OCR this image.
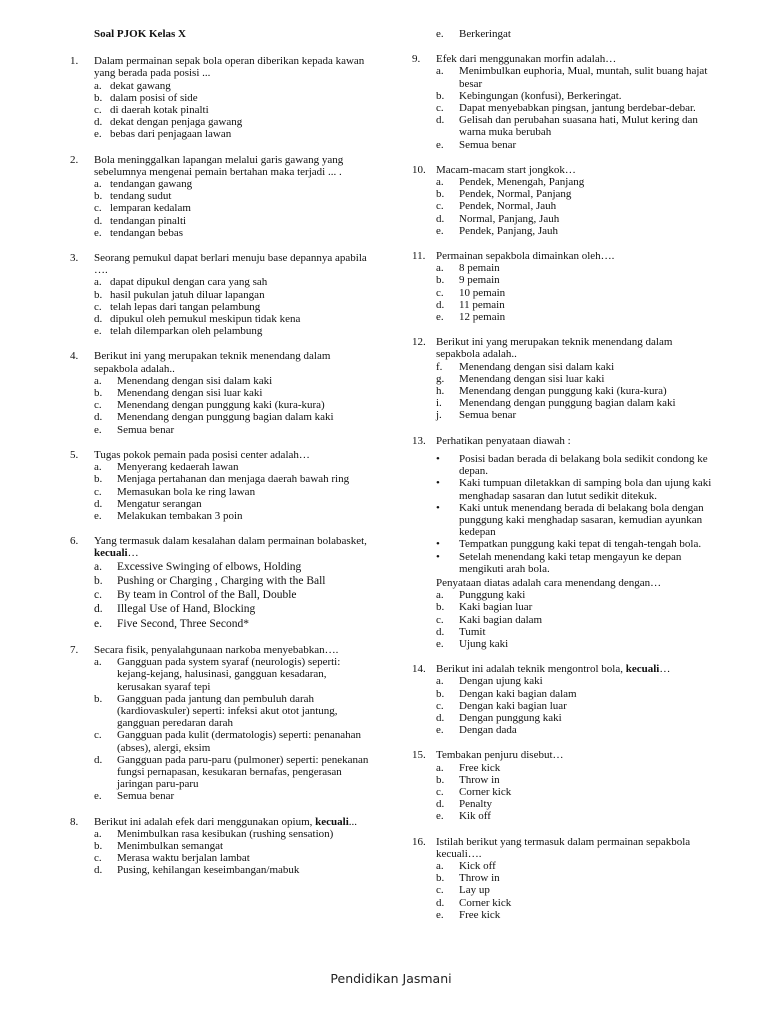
Soal PJOK Kelas X
1.	Dalam permainan sepak bola operan diberikan kepada kawan yang berada pada posisi ...
a. dekat gawang
b. dalam posisi of side
c. di daerah kotak pinalti
d. dekat dengan penjaga gawang
e. bebas dari penjagaan lawan
2.	Bola meninggalkan lapangan melalui garis gawang yang sebelumnya mengenai pemain bertahan maka terjadi ... .
a. tendangan gawang
b. tendang sudut
c. lemparan kedalam
d. tendangan pinalti
e. tendangan bebas
3.	Seorang pemukul dapat berlari menuju base depannya apabila ….
a. dapat dipukul dengan cara yang sah
b. hasil pukulan jatuh diluar lapangan
c. telah lepas dari tangan pelambung
d. dipukul oleh pemukul meskipun tidak kena
e. telah dilemparkan oleh pelambung
4.	Berikut ini yang merupakan teknik menendang dalam sepakbola adalah..
a.	Menendang dengan sisi dalam kaki
b.	Menendang dengan sisi luar kaki
c.	Menendang dengan punggung kaki (kura-kura)
d.	Menendang dengan punggung bagian dalam kaki
e.	Semua benar
5.	Tugas pokok pemain pada posisi center adalah…
a.	Menyerang kedaerah lawan
b.	Menjaga pertahanan dan menjaga daerah bawah ring
c.	Memasukan bola ke ring lawan
d.	Mengatur serangan
e.	Melakukan tembakan 3 poin
6.	Yang termasuk dalam kesalahan dalam permainan bolabasket, kecuali…
a.	Excessive Swinging of elbows, Holding
b.	Pushing or Charging , Charging with the Ball
c.	By team in Control of the Ball, Double
d.	Illegal Use of Hand, Blocking
e.	Five Second, Three Second*
7.	Secara fisik, penyalahgunaan narkoba menyebabkan….
a.	Gangguan pada system syaraf (neurologis) seperti: kejang-kejang, halusinasi, gangguan kesadaran, kerusakan syaraf tepi
b.	Gangguan pada jantung dan pembuluh darah (kardiovaskuler) seperti: infeksi akut otot jantung, gangguan peredaran darah
c.	Gangguan pada kulit (dermatologis) seperti: penanahan (abses), alergi, eksim
d.	Gangguan pada paru-paru (pulmoner) seperti: penekanan fungsi pernapasan, kesukaran bernafas, pengerasan jaringan paru-paru
e.	Semua benar
8.	Berikut ini adalah efek dari menggunakan opium, kecuali...
a.	Menimbulkan rasa kesibukan (rushing sensation)
b.	Menimbulkan semangat
c.	Merasa waktu berjalan lambat
d.	Pusing, kehilangan keseimbangan/mabuk
e.	Berkeringat
9.	Efek dari menggunakan morfin adalah…
a.	Menimbulkan euphoria, Mual, muntah, sulit buang hajat besar
b.	Kebingungan (konfusi), Berkeringat.
c.	Dapat menyebabkan pingsan, jantung berdebar-debar.
d.	Gelisah dan perubahan suasana hati, Mulut kering dan warna muka berubah
e.	Semua benar
10. Macam-macam start jongkok…
a.	Pendek, Menengah, Panjang
b.	Pendek, Normal, Panjang
c.	Pendek, Normal, Jauh
d.	Normal, Panjang, Jauh
e.	Pendek, Panjang, Jauh
11. Permainan sepakbola dimainkan oleh….
a.	8 pemain
b.	9 pemain
c.	10 pemain
d.	11 pemain
e.	12 pemain
12. Berikut ini yang merupakan teknik menendang dalam sepakbola adalah..
f.	Menendang dengan sisi dalam kaki
g.	Menendang dengan sisi luar kaki
h.	Menendang dengan punggung kaki (kura-kura)
i.	Menendang dengan punggung bagian dalam kaki
j.	Semua benar
13. Perhatikan penyataan diawah :
•	Posisi badan berada di belakang bola sedikit condong ke depan.
•	Kaki tumpuan diletakkan di samping bola dan ujung kaki menghadap sasaran dan lutut sedikit ditekuk.
•	Kaki untuk menendang berada di belakang bola dengan punggung kaki menghadap sasaran, kemudian ayunkan kedepan
•	Tempatkan punggung kaki tepat di tengah-tengah bola.
•	Setelah menendang kaki tetap mengayun ke depan mengikuti arah bola.
Penyataan diatas adalah cara menendang dengan…
a.	Punggung kaki
b.	Kaki bagian luar
c.	Kaki bagian dalam
d.	Tumit
e.	Ujung kaki
14. Berikut ini adalah teknik mengontrol bola, kecuali…
a.	Dengan ujung kaki
b.	Dengan kaki bagian dalam
c.	Dengan kaki bagian luar
d.	Dengan punggung kaki
e.	Dengan dada
15. Tembakan penjuru disebut…
a.	Free kick
b.	Throw in
c.	Corner kick
d.	Penalty
e.	Kik off
16. Istilah berikut yang termasuk dalam permainan sepakbola kecuali….
a.	Kick off
b.	Throw in
c.	Lay up
d.	Corner kick
e.	Free kick
Pendidikan Jasmani
